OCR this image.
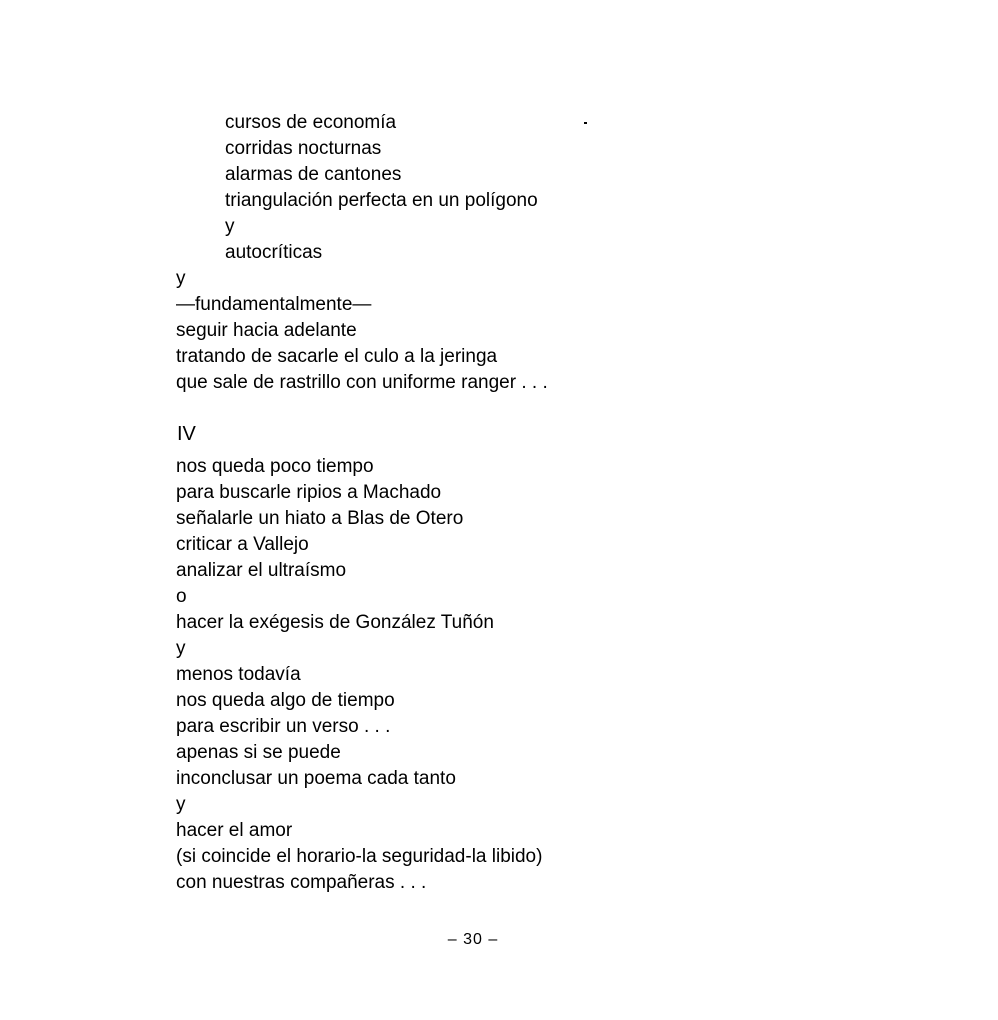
cursos de economía
corridas nocturnas
alarmas de cantones
triangulación perfecta en un polígono
y
autocríticas
y
—fundamentalmente—
seguir hacia adelante
tratando de sacarle el culo a la jeringa
que sale de rastrillo con uniforme ranger . . .
IV
nos queda poco tiempo
para buscarle ripios a Machado
señalarle un hiato a Blas de Otero
criticar a Vallejo
analizar el ultraísmo
o
hacer la exégesis de González Tuñón
y
menos todavía
nos queda algo de tiempo
para escribir un verso . . .
apenas si se puede
inconclusar un poema cada tanto
y
hacer el amor
(si coincide el horario-la seguridad-la libido)
con nuestras compañeras . . .
– 30 –
